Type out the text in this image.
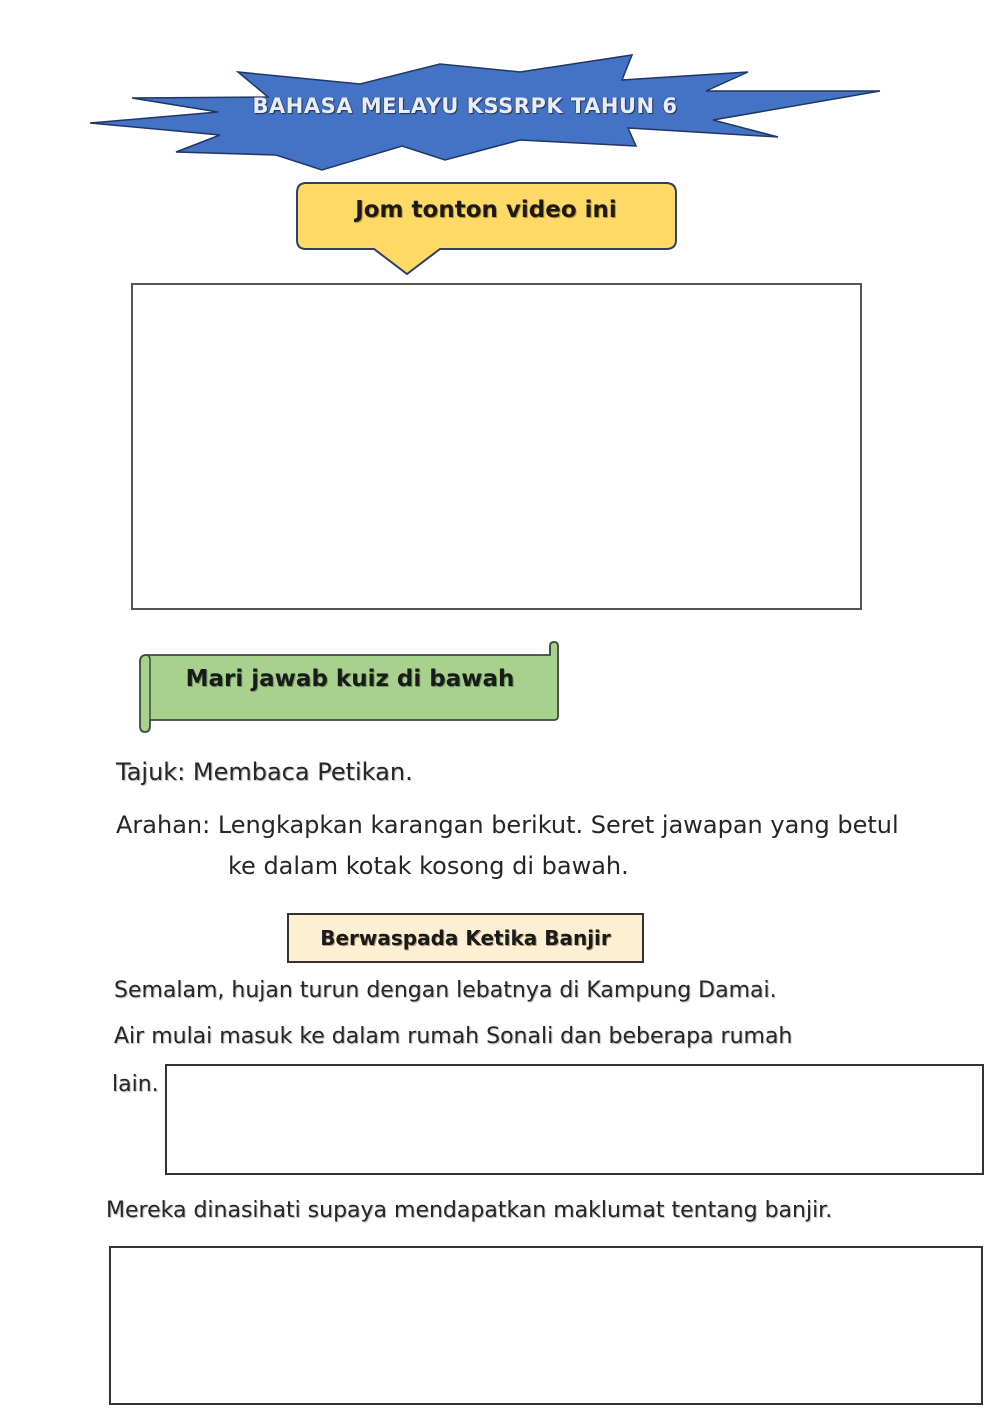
BAHASA MELAYU KSSRPK TAHUN 6
Jom tonton video ini
Mari jawab kuiz di bawah
Tajuk: Membaca Petikan.
Arahan: Lengkapkan karangan berikut. Seret jawapan yang betul
ke dalam kotak kosong di bawah.
Berwaspada Ketika Banjir
Semalam, hujan turun dengan lebatnya di Kampung Damai.
Air mulai masuk ke dalam rumah Sonali dan beberapa rumah
lain.
Mereka dinasihati supaya mendapatkan maklumat tentang banjir.
